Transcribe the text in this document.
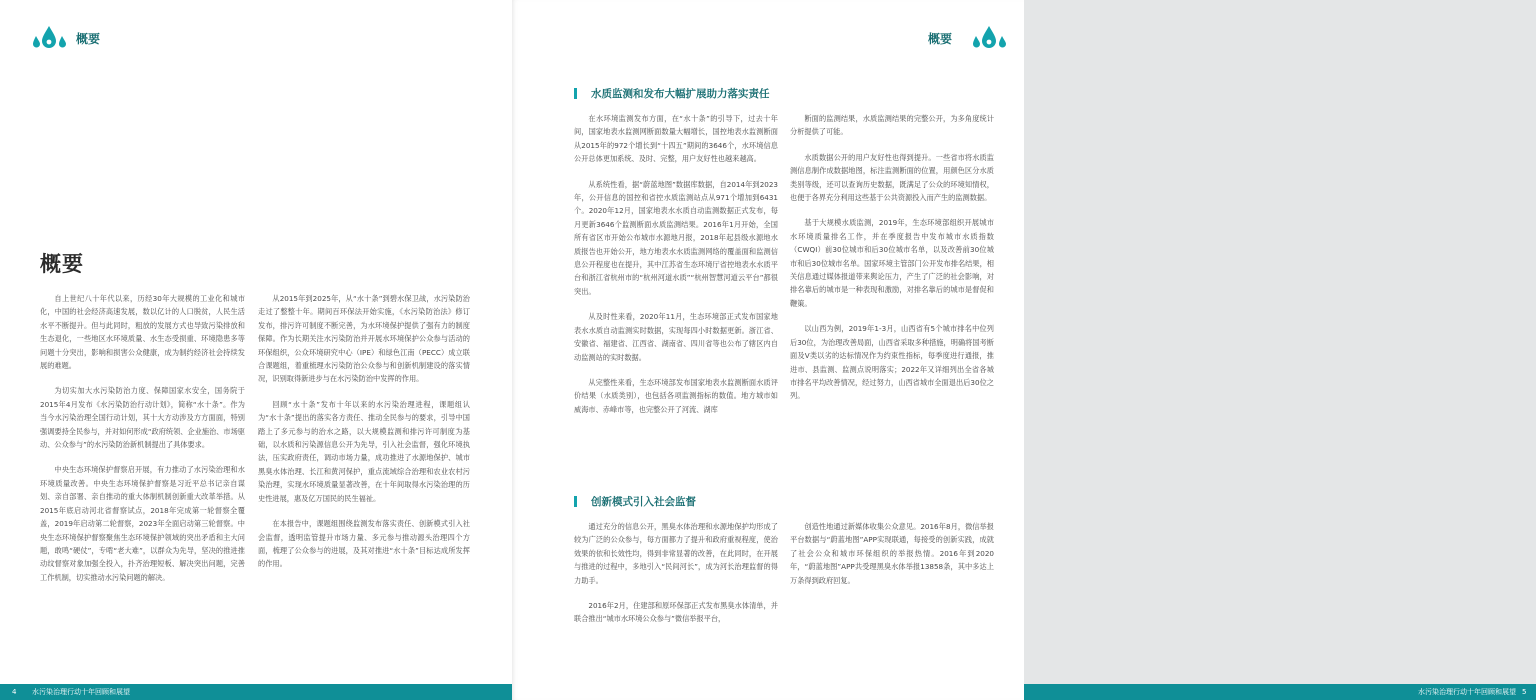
概要
概要

自上世纪八十年代以来，历经30年大规模的工业化和城市化，中国的社会经济高速发展，数以亿计的人口脱贫，人民生活水平不断提升。但与此同时，粗放的发展方式也导致污染排放和生态退化，一些地区水环境质量、水生态受损重、环境隐患多等问题十分突出，影响和损害公众健康，成为制约经济社会持续发展的难题。

为切实加大水污染防治力度、保障国家水安全，国务院于2015年4月发布《水污染防治行动计划》，简称“水十条”。作为当今水污染治理全国行动计划，其十大方动涉及方方面面，特别强调要持全民参与，并对如何形成“政府统领、企业施治、市场驱动、公众参与”的水污染防治新机制提出了具体要求。

中央生态环境保护督察启开展，有力推动了水污染治理和水环境质量改善。中央生态环境保护督察是习近平总书记亲自谋划、亲自部署、亲自推动的重大体制机制创新重大改革举措。从2015年底启动河北省督察试点，2018年完成第一轮督察全覆盖，2019年启动第二轮督察，2023年全面启动第三轮督察。中央生态环境保护督察聚焦生态环境保护领域的突出矛盾和主大问题，敢鸣“硬仗”，专啃“老大难”，以群众为先导，坚决的推进推动纹督察对象加强全投入，扑齐治理短板、解决突出问题，完善工作机制，切实推动水污染问题的解决。

从2015年到2025年，从“水十条”到碧水保卫战，水污染防治走过了整整十年。期间百环保法开始实施，《水污染防治法》修订发布，排污许可制度不断完善，为水环境保护提供了强有力的制度保障。作为长期关注水污染防治并开展水环境保护公众参与活动的环保组织，公众环境研究中心（IPE）和绿色江南（PECC）成立联合课题组，着重梳理水污染防治公众参与和创新机制建设的落实情况，识别取得新进步与在水污染防治中发挥的作用。

回顾“水十条”发布十年以来的水污染治理进程，课题组认为“水十条”提出的落实各方责任、推动全民参与的要求，引导中国踏上了多元参与的治水之路，以大规模监测和排污许可制度为基础，以水质和污染源信息公开为先导，引入社会监督，强化环境执法，压实政府责任，调动市场力量，成功推进了水源地保护、城市黑臭水体治理、长江和黄河保护，重点流域综合治理和农业农村污染治理，实现水环境质量显著改善，在十年间取得水污染治理的历史性进展，惠及亿万国民的民生福祉。

在本报告中，课题组围绕监测发布落实责任、创新模式引入社会监督，透明监管提升市场力量、多元参与推动源头治理四个方面，梳理了公众参与的进展，及其对推进“水十条”目标达成所发挥的作用。

4 水污染治理行动十年回顾和展望
概要
水质监测和发布大幅扩展助力落实责任

在水环境监测发布方面，在“水十条”的引导下，过去十年间，国家地表水监测网断面数量大幅增长，国控地表水监测断面从2015年的972个增长到“十四五”期间的3646个，水环境信息公开总体更加系统、及时、完整，用户友好性也越来越高。

从系统性看，据“蔚蓝地图”数据库数据，自2014年到2023年，公开信息的国控和省控水质监测站点从971个增加到6431个。2020年12月，国家地表水水质自动监测数据正式发布，每月更新3646个监测断面水质监测结果。2016年1月开始，全国所有省区市开始公布城市水源地月报，2018年起县级水源地水质报告也开始公开，地方地表水水质监测网络的覆盖面和监测信息公开程度也在提升，其中江苏省生态环境厅省控地表水水质平台和浙江省杭州市的“杭州河道水质”“杭州智慧河道云平台”都很突出。

从及时性来看，2020年11月，生态环境部正式发布国家地表水水质自动监测实时数据，实现每四小时数据更新。浙江省、安徽省、福建省、江西省、湖南省、四川省等也公布了辖区内自动监测站的实时数据。

从完整性来看，生态环境部发布国家地表水监测断面水质评价结果（水质类别），也包括各项监测指标的数值。地方城市如威海市、赤峰市等，也完整公开了河流、湖库

断面的监测结果，水质监测结果的完整公开，为多角度统计分析提供了可能。

水质数据公开的用户友好性也得到提升。一些省市将水质监测信息制作成数据地图，标注监测断面的位置，用颜色区分水质类别等级，还可以查询历史数据，既满足了公众的环境知情权，也便于各界充分利用这些基于公共资源投入而产生的监测数据。

基于大规模水质监测，2019年，生态环境部组织开展城市水环境质量排名工作，并在季度报告中发布城市水质指数（CWQI）前30位城市和后30位城市名单，以及改善前30位城市和后30位城市名单。国家环境主管部门公开发布排名结果，相关信息通过媒体报道带来舆论压力，产生了广泛的社会影响，对排名靠后的城市是一种表现和激励，对排名靠后的城市是督促和鞭策。

以山西为例，2019年1-3月，山西省有5个城市排名中位列后30位，为治理改善局面，山西省采取多种措施，明确将国考断面及V类以劣的达标情况作为约束性指标，每季度进行通报，推进市、县监测、监测点说明落实；2022年又详细列出全省各城市排名平均改善情况，经过努力，山西省城市全面退出后30位之列。

创新模式引入社会监督

通过充分的信息公开，黑臭水体治理和水源地保护均形成了较为广泛的公众参与，每方面都力了提升和政府重视程度，使治效果的依和长效性均，得到非常显著的改善，在此同时，在开展与推进的过程中，多地引入“民间河长”，成为河长治理监督的得力助手。

2016年2月，住建部和原环保部正式发布黑臭水体清单，并联合推出“城市水环境公众参与”微信举报平台，

创造性地通过新媒体收集公众意见。2016年8月，微信举报平台数据与“蔚蓝地图”APP实现联通，每接受的创新实践，成就了社会公众和城市环保组织的举报热情。2016年到2020年，“蔚蓝地图”APP共受理黑臭水体举报13858条，其中多达上万条得到政府回复。

水污染治理行动十年回顾和展望 5
